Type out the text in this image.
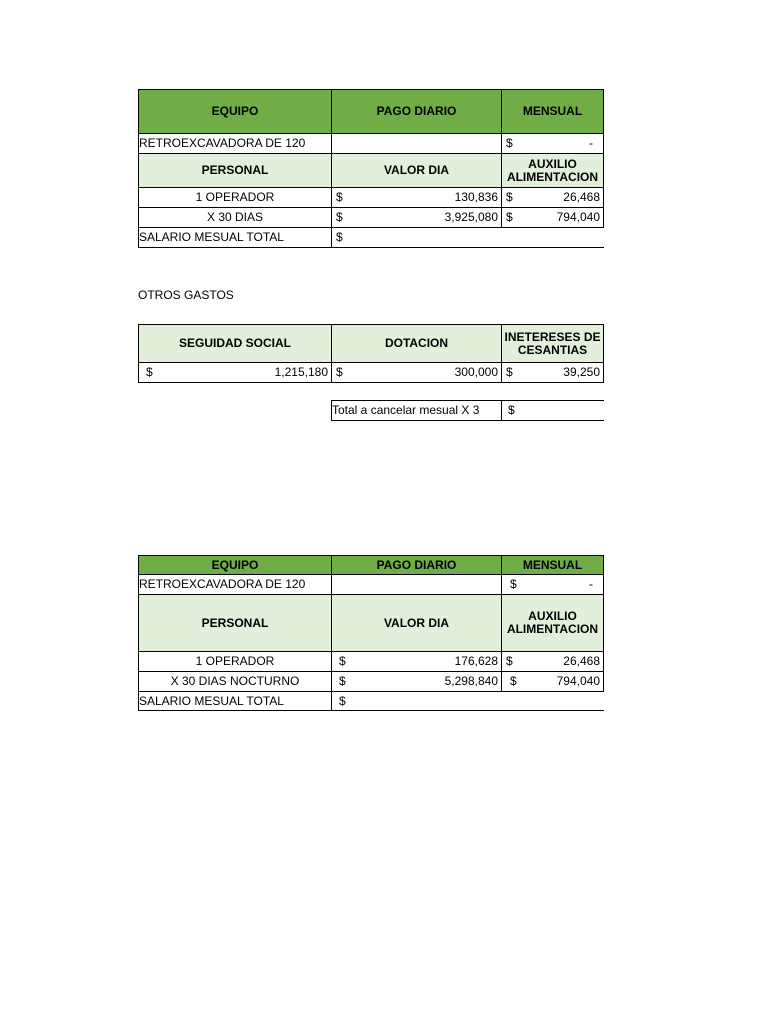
EQUIPO	PAGO DIARIO	MENSUAL
RETROEXCAVADORA DE 120		$ -

PERSONAL	VALOR DIA	AUXILIO ALIMENTACION
1 OPERADOR	$ 130,836	$ 26,468

X 30 DIAS	$ 3,925,080	$ 794,040

SALARIO MESUAL TOTAL	$	
OTROS GASTOS
SEGUIDAD SOCIAL	DOTACION	INETERESES DE CESANTIAS

$ 1,215,180	$ 300,000	$ 39,250
Total a cancelar mesual X 3	$
EQUIPO	PAGO DIARIO	MENSUAL
RETROEXCAVADORA DE 120		$ -

PERSONAL	VALOR DIA	AUXILIO ALIMENTACION
1 OPERADOR	$ 176,628	$ 26,468

X 30 DIAS NOCTURNO	$ 5,298,840	$ 794,040

SALARIO MESUAL TOTAL	$	
